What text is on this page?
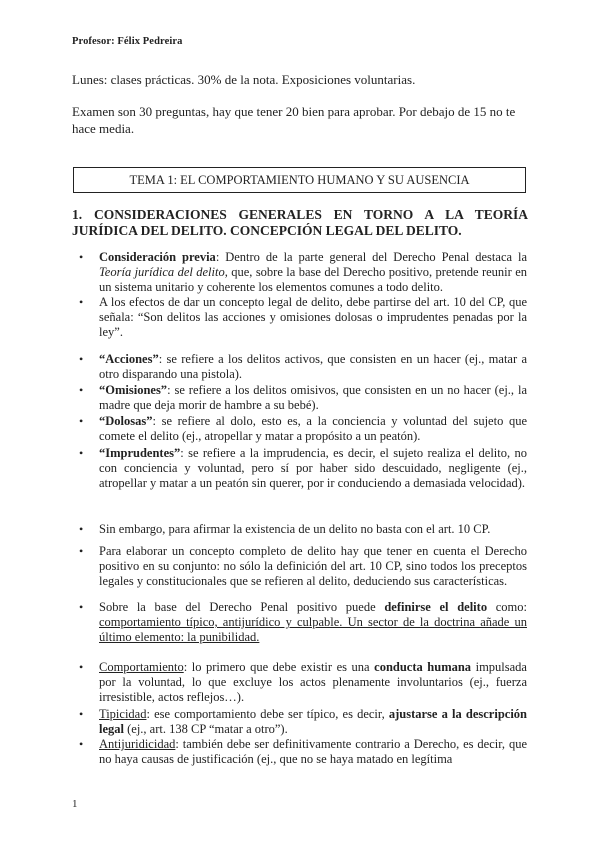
Profesor: Félix Pedreira
Lunes: clases prácticas. 30% de la nota. Exposiciones voluntarias.
Examen son 30 preguntas, hay que tener 20 bien para aprobar. Por debajo de 15 no te hace media.
TEMA 1: EL COMPORTAMIENTO HUMANO Y SU AUSENCIA
1. CONSIDERACIONES GENERALES EN TORNO A LA TEORÍA JURÍDICA DEL DELITO. CONCEPCIÓN LEGAL DEL DELITO.
• Consideración previa: Dentro de la parte general del Derecho Penal destaca la Teoría jurídica del delito, que, sobre la base del Derecho positivo, pretende reunir en un sistema unitario y coherente los elementos comunes a todo delito.
• A los efectos de dar un concepto legal de delito, debe partirse del art. 10 del CP, que señala: “Son delitos las acciones y omisiones dolosas o imprudentes penadas por la ley”.
• “Acciones”: se refiere a los delitos activos, que consisten en un hacer (ej., matar a otro disparando una pistola).
• “Omisiones”: se refiere a los delitos omisivos, que consisten en un no hacer (ej., la madre que deja morir de hambre a su bebé).
• “Dolosas”: se refiere al dolo, esto es, a la conciencia y voluntad del sujeto que comete el delito (ej., atropellar y matar a propósito a un peatón).
• “Imprudentes”: se refiere a la imprudencia, es decir, el sujeto realiza el delito, no con conciencia y voluntad, pero sí por haber sido descuidado, negligente (ej., atropellar y matar a un peatón sin querer, por ir conduciendo a demasiada velocidad).
• Sin embargo, para afirmar la existencia de un delito no basta con el art. 10 CP.
• Para elaborar un concepto completo de delito hay que tener en cuenta el Derecho positivo en su conjunto: no sólo la definición del art. 10 CP, sino todos los preceptos legales y constitucionales que se refieren al delito, deduciendo sus características.
• Sobre la base del Derecho Penal positivo puede definirse el delito como: comportamiento típico, antijurídico y culpable. Un sector de la doctrina añade un último elemento: la punibilidad.
• Comportamiento: lo primero que debe existir es una conducta humana impulsada por la voluntad, lo que excluye los actos plenamente involuntarios (ej., fuerza irresistible, actos reflejos…).
• Tipicidad: ese comportamiento debe ser típico, es decir, ajustarse a la descripción legal (ej., art. 138 CP “matar a otro”).
• Antijuridicidad: también debe ser definitivamente contrario a Derecho, es decir, que no haya causas de justificación (ej., que no se haya matado en legítima
1
